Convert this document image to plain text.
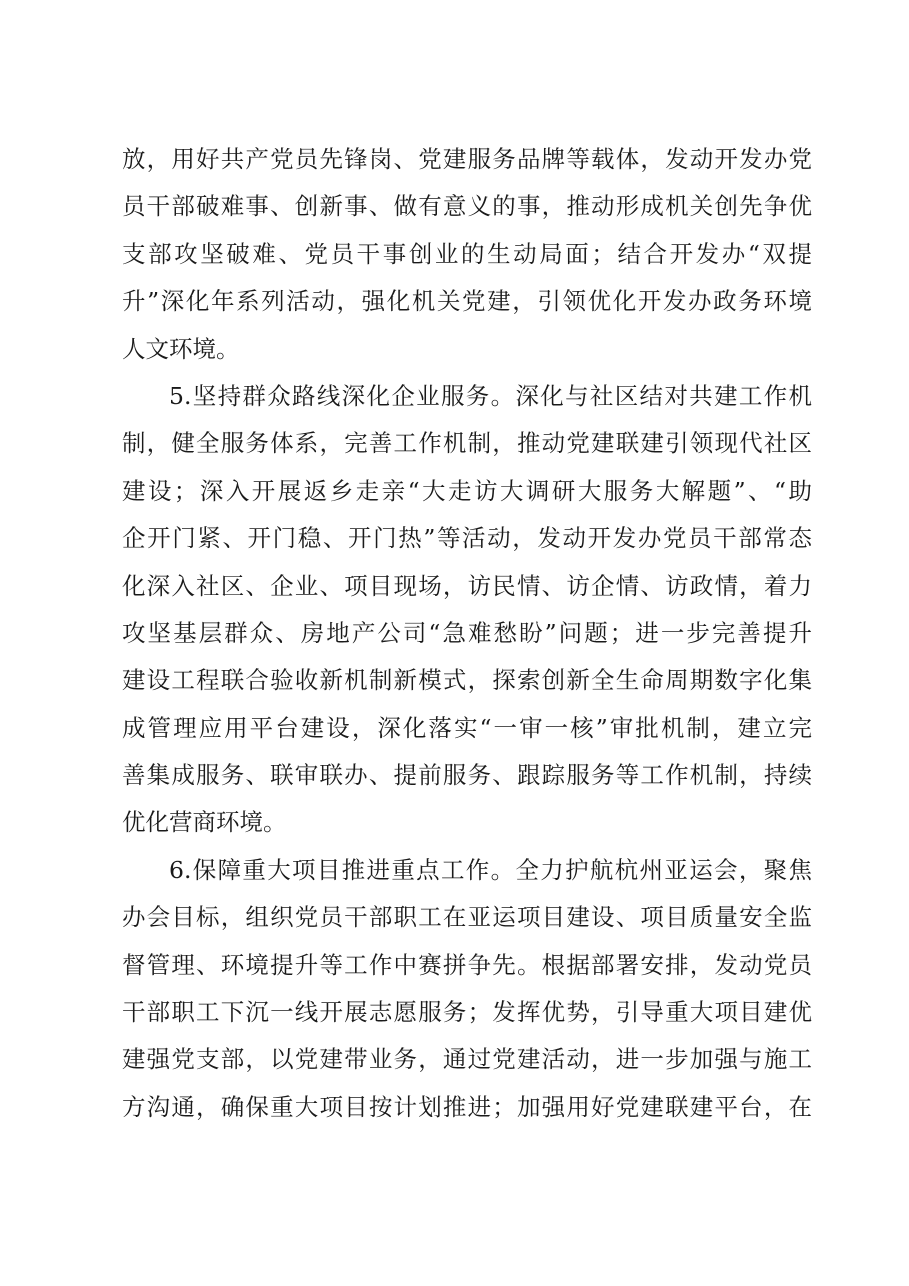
放，用好共产党员先锋岗、党建服务品牌等载体，发动开发办党
员干部破难事、创新事、做有意义的事，推动形成机关创先争优
支部攻坚破难、党员干事创业的生动局面；结合开发办“双提
升”深化年系列活动，强化机关党建，引领优化开发办政务环境
人文环境。
5.坚持群众路线深化企业服务。深化与社区结对共建工作机
制，健全服务体系，完善工作机制，推动党建联建引领现代社区
建设；深入开展返乡走亲“大走访大调研大服务大解题”、“助
企开门紧、开门稳、开门热”等活动，发动开发办党员干部常态
化深入社区、企业、项目现场，访民情、访企情、访政情，着力
攻坚基层群众、房地产公司“急难愁盼”问题；进一步完善提升
建设工程联合验收新机制新模式，探索创新全生命周期数字化集
成管理应用平台建设，深化落实“一审一核”审批机制，建立完
善集成服务、联审联办、提前服务、跟踪服务等工作机制，持续
优化营商环境。
6.保障重大项目推进重点工作。全力护航杭州亚运会，聚焦
办会目标，组织党员干部职工在亚运项目建设、项目质量安全监
督管理、环境提升等工作中赛拼争先。根据部署安排，发动党员
干部职工下沉一线开展志愿服务；发挥优势，引导重大项目建优
建强党支部，以党建带业务，通过党建活动，进一步加强与施工
方沟通，确保重大项目按计划推进；加强用好党建联建平台，在
